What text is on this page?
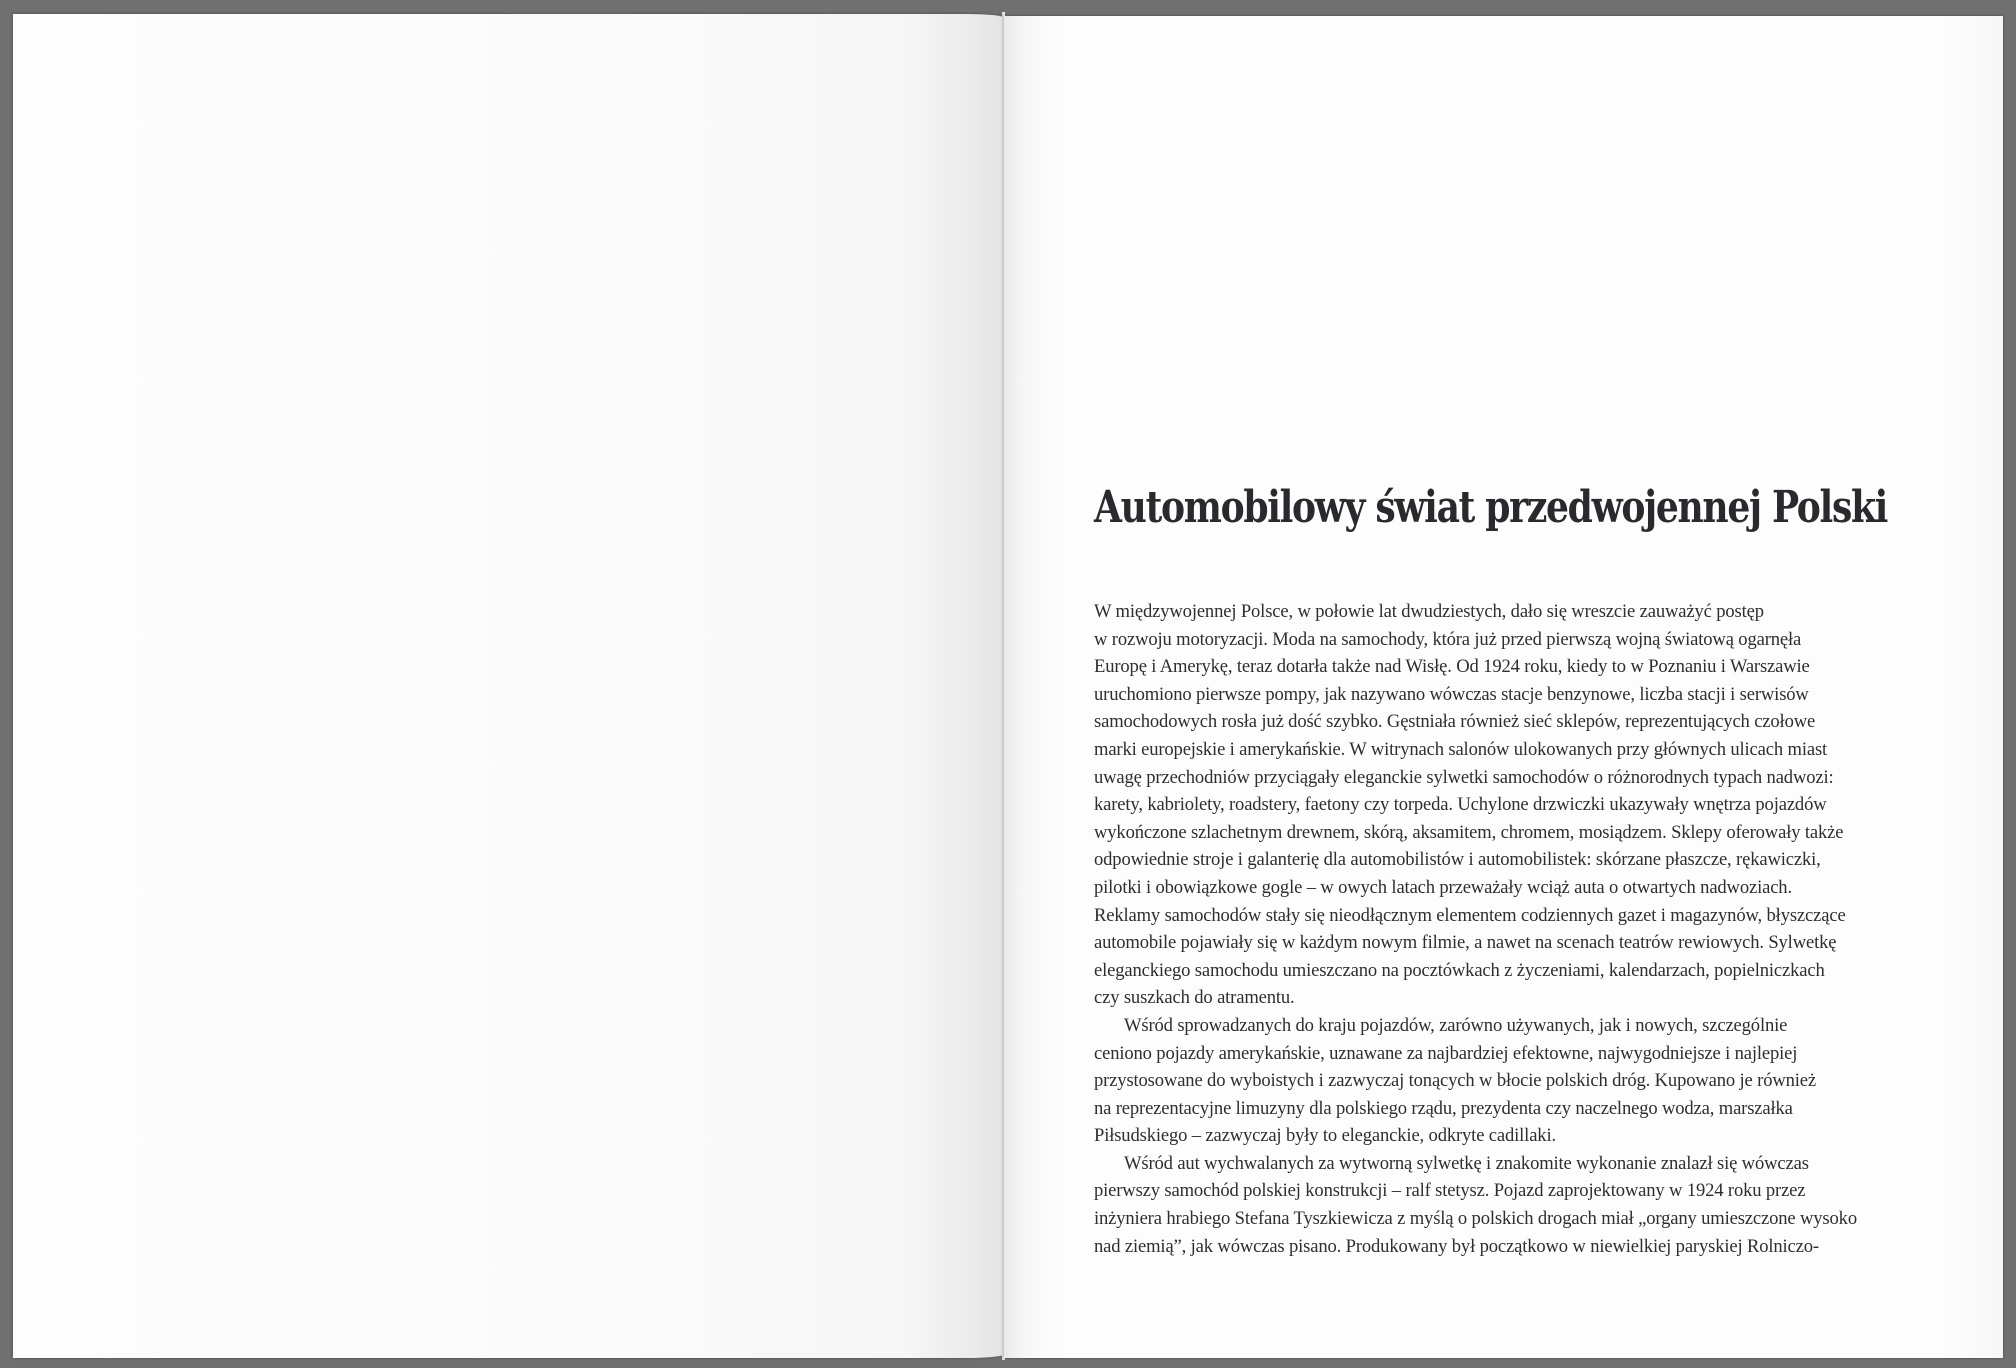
Automobilowy świat przedwojennej Polski
W międzywojennej Polsce, w połowie lat dwudziestych, dało się wreszcie zauważyć postęp
w rozwoju motoryzacji. Moda na samochody, która już przed pierwszą wojną światową ogarnęła
Europę i Amerykę, teraz dotarła także nad Wisłę. Od 1924 roku, kiedy to w Poznaniu i Warszawie
uruchomiono pierwsze pompy, jak nazywano wówczas stacje benzynowe, liczba stacji i serwisów
samochodowych rosła już dość szybko. Gęstniała również sieć sklepów, reprezentujących czołowe
marki europejskie i amerykańskie. W witrynach salonów ulokowanych przy głównych ulicach miast
uwagę przechodniów przyciągały eleganckie sylwetki samochodów o różnorodnych typach nadwozi:
karety, kabriolety, roadstery, faetony czy torpeda. Uchylone drzwiczki ukazywały wnętrza pojazdów
wykończone szlachetnym drewnem, skórą, aksamitem, chromem, mosiądzem. Sklepy oferowały także
odpowiednie stroje i galanterię dla automobilistów i automobilistek: skórzane płaszcze, rękawiczki,
pilotki i obowiązkowe gogle – w owych latach przeważały wciąż auta o otwartych nadwoziach.
Reklamy samochodów stały się nieodłącznym elementem codziennych gazet i magazynów, błyszczące
automobile pojawiały się w każdym nowym filmie, a nawet na scenach teatrów rewiowych. Sylwetkę
eleganckiego samochodu umieszczano na pocztówkach z życzeniami, kalendarzach, popielniczkach
czy suszkach do atramentu.
Wśród sprowadzanych do kraju pojazdów, zarówno używanych, jak i nowych, szczególnie
ceniono pojazdy amerykańskie, uznawane za najbardziej efektowne, najwygodniejsze i najlepiej
przystosowane do wyboistych i zazwyczaj tonących w błocie polskich dróg. Kupowano je również
na reprezentacyjne limuzyny dla polskiego rządu, prezydenta czy naczelnego wodza, marszałka
Piłsudskiego – zazwyczaj były to eleganckie, odkryte cadillaki.
Wśród aut wychwalanych za wytworną sylwetkę i znakomite wykonanie znalazł się wówczas
pierwszy samochód polskiej konstrukcji – ralf stetysz. Pojazd zaprojektowany w 1924 roku przez
inżyniera hrabiego Stefana Tyszkiewicza z myślą o polskich drogach miał „organy umieszczone wysoko
nad ziemią”, jak wówczas pisano. Produkowany był początkowo w niewielkiej paryskiej Rolniczo-
